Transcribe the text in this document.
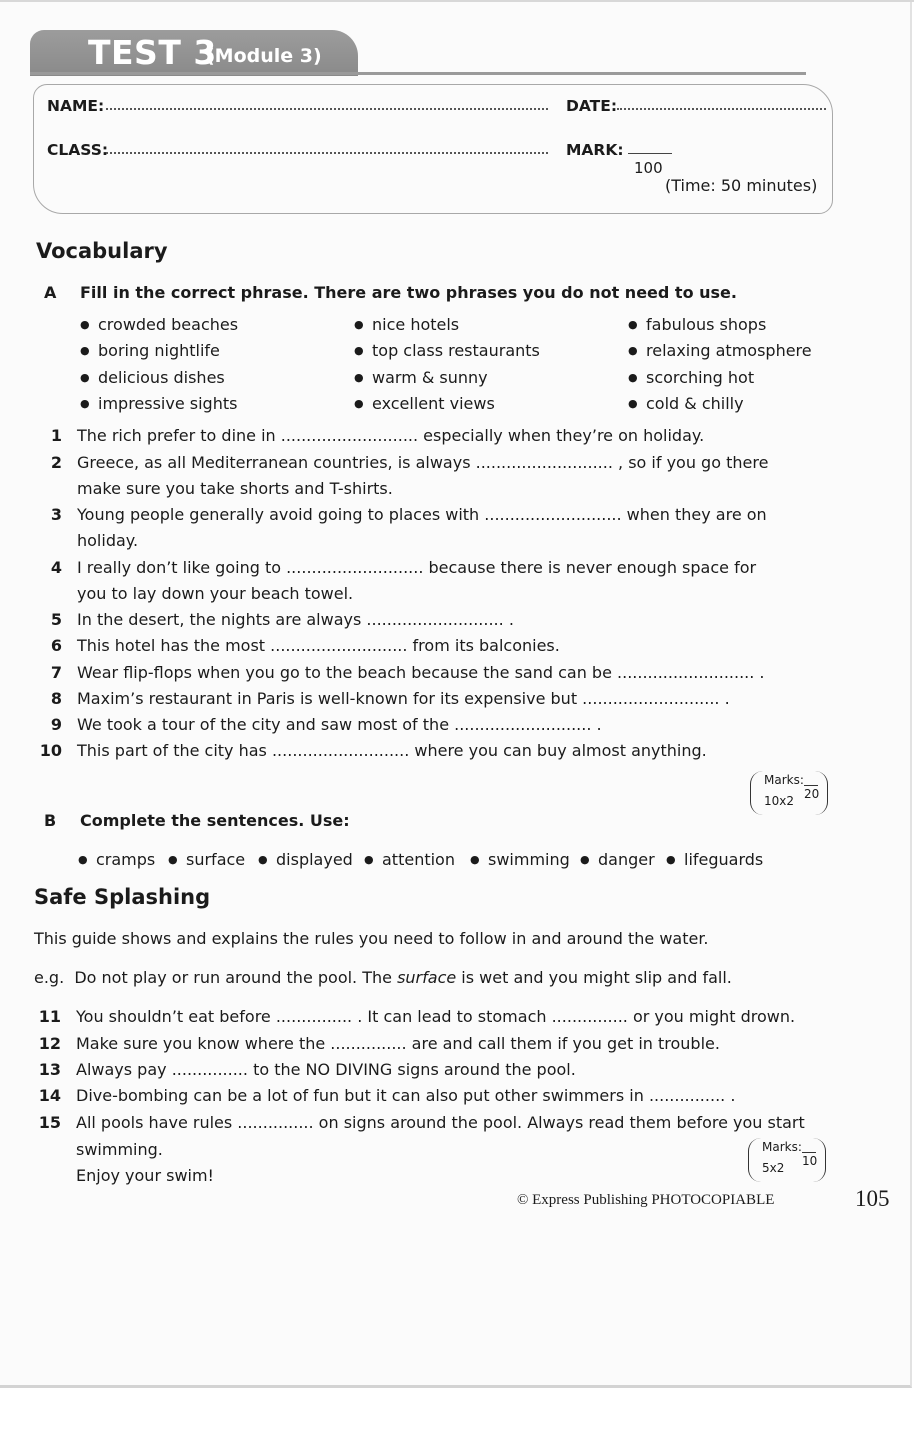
TEST 3
(Module 3)
NAME:	DATE:
CLASS:	MARK:
100
(Time: 50 minutes)
Vocabulary
A Fill in the correct phrase. There are two phrases you do not need to use.
● crowded beaches	● nice hotels	● fabulous shops
● boring nightlife	● top class restaurants	● relaxing atmosphere
● delicious dishes	● warm & sunny	● scorching hot
● impressive sights	● excellent views	● cold & chilly
1 The rich prefer to dine in ........................... especially when they’re on holiday.
2 Greece, as all Mediterranean countries, is always ........................... , so if you go there
make sure you take shorts and T-shirts.
3 Young people generally avoid going to places with ........................... when they are on
holiday.
4 I really don’t like going to ........................... because there is never enough space for
you to lay down your beach towel.
5 In the desert, the nights are always ........................... .
6 This hotel has the most ........................... from its balconies.
7 Wear flip-flops when you go to the beach because the sand can be ........................... .
8 Maxim’s restaurant in Paris is well-known for its expensive but ........................... .
9 We took a tour of the city and saw most of the ........................... .
10 This part of the city has ........................... where you can buy almost anything.
Marks:
10x2 20
B Complete the sentences. Use:
● cramps ● surface ● displayed ● attention ● swimming ● danger ● lifeguards
Safe Splashing
This guide shows and explains the rules you need to follow in and around the water.
e.g. Do not play or run around the pool. The surface is wet and you might slip and fall.
11 You shouldn’t eat before ............... . It can lead to stomach ............... or you might drown.
12 Make sure you know where the ............... are and call them if you get in trouble.
13 Always pay ............... to the NO DIVING signs around the pool.
14 Dive-bombing can be a lot of fun but it can also put other swimmers in ............... .
15 All pools have rules ............... on signs around the pool. Always read them before you start
swimming.
Enjoy your swim!
Marks:
5x2 10
© Express Publishing PHOTOCOPIABLE	105
